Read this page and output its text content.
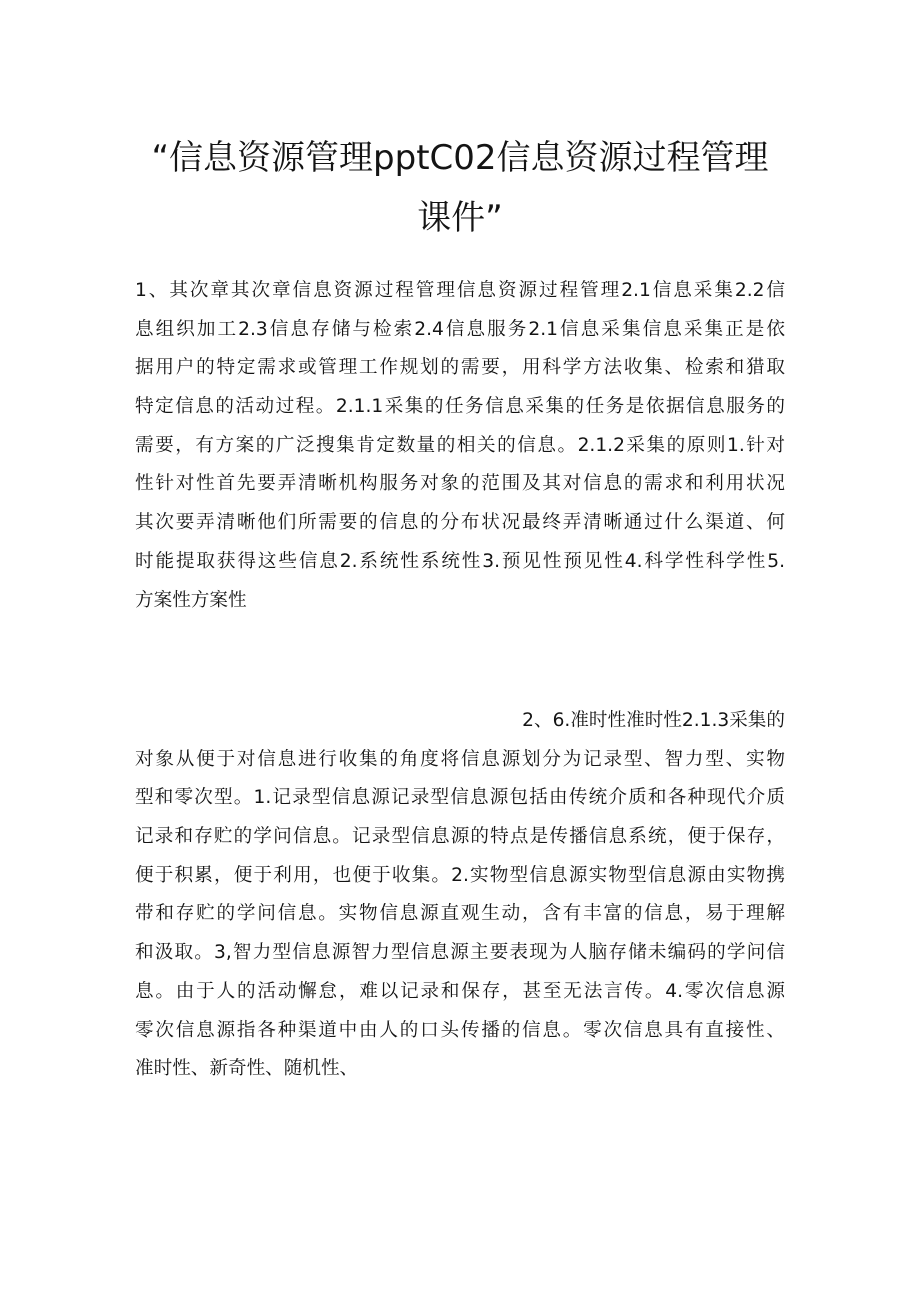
“信息资源管理pptC02信息资源过程管理
课件”
1、其次章其次章信息资源过程管理信息资源过程管理2.1信息采集2.2信
息组织加工2.3信息存储与检索2.4信息服务2.1信息采集信息采集正是依
据用户的特定需求或管理工作规划的需要，用科学方法收集、检索和猎取
特定信息的活动过程。2.1.1采集的任务信息采集的任务是依据信息服务的
需要，有方案的广泛搜集肯定数量的相关的信息。2.1.2采集的原则1.针对
性针对性首先要弄清晰机构服务对象的范围及其对信息的需求和利用状况
其次要弄清晰他们所需要的信息的分布状况最终弄清晰通过什么渠道、何
时能提取获得这些信息2.系统性系统性3.预见性预见性4.科学性科学性5.
方案性方案性
2、6.准时性准时性2.1.3采集的
对象从便于对信息进行收集的角度将信息源划分为记录型、智力型、实物
型和零次型。1.记录型信息源记录型信息源包括由传统介质和各种现代介质
记录和存贮的学问信息。记录型信息源的特点是传播信息系统，便于保存，
便于积累，便于利用，也便于收集。2.实物型信息源实物型信息源由实物携
带和存贮的学问信息。实物信息源直观生动，含有丰富的信息，易于理解
和汲取。3,智力型信息源智力型信息源主要表现为人脑存储未编码的学问信
息。由于人的活动懈怠，难以记录和保存，甚至无法言传。4.零次信息源
零次信息源指各种渠道中由人的口头传播的信息。零次信息具有直接性、
准时性、新奇性、随机性、
